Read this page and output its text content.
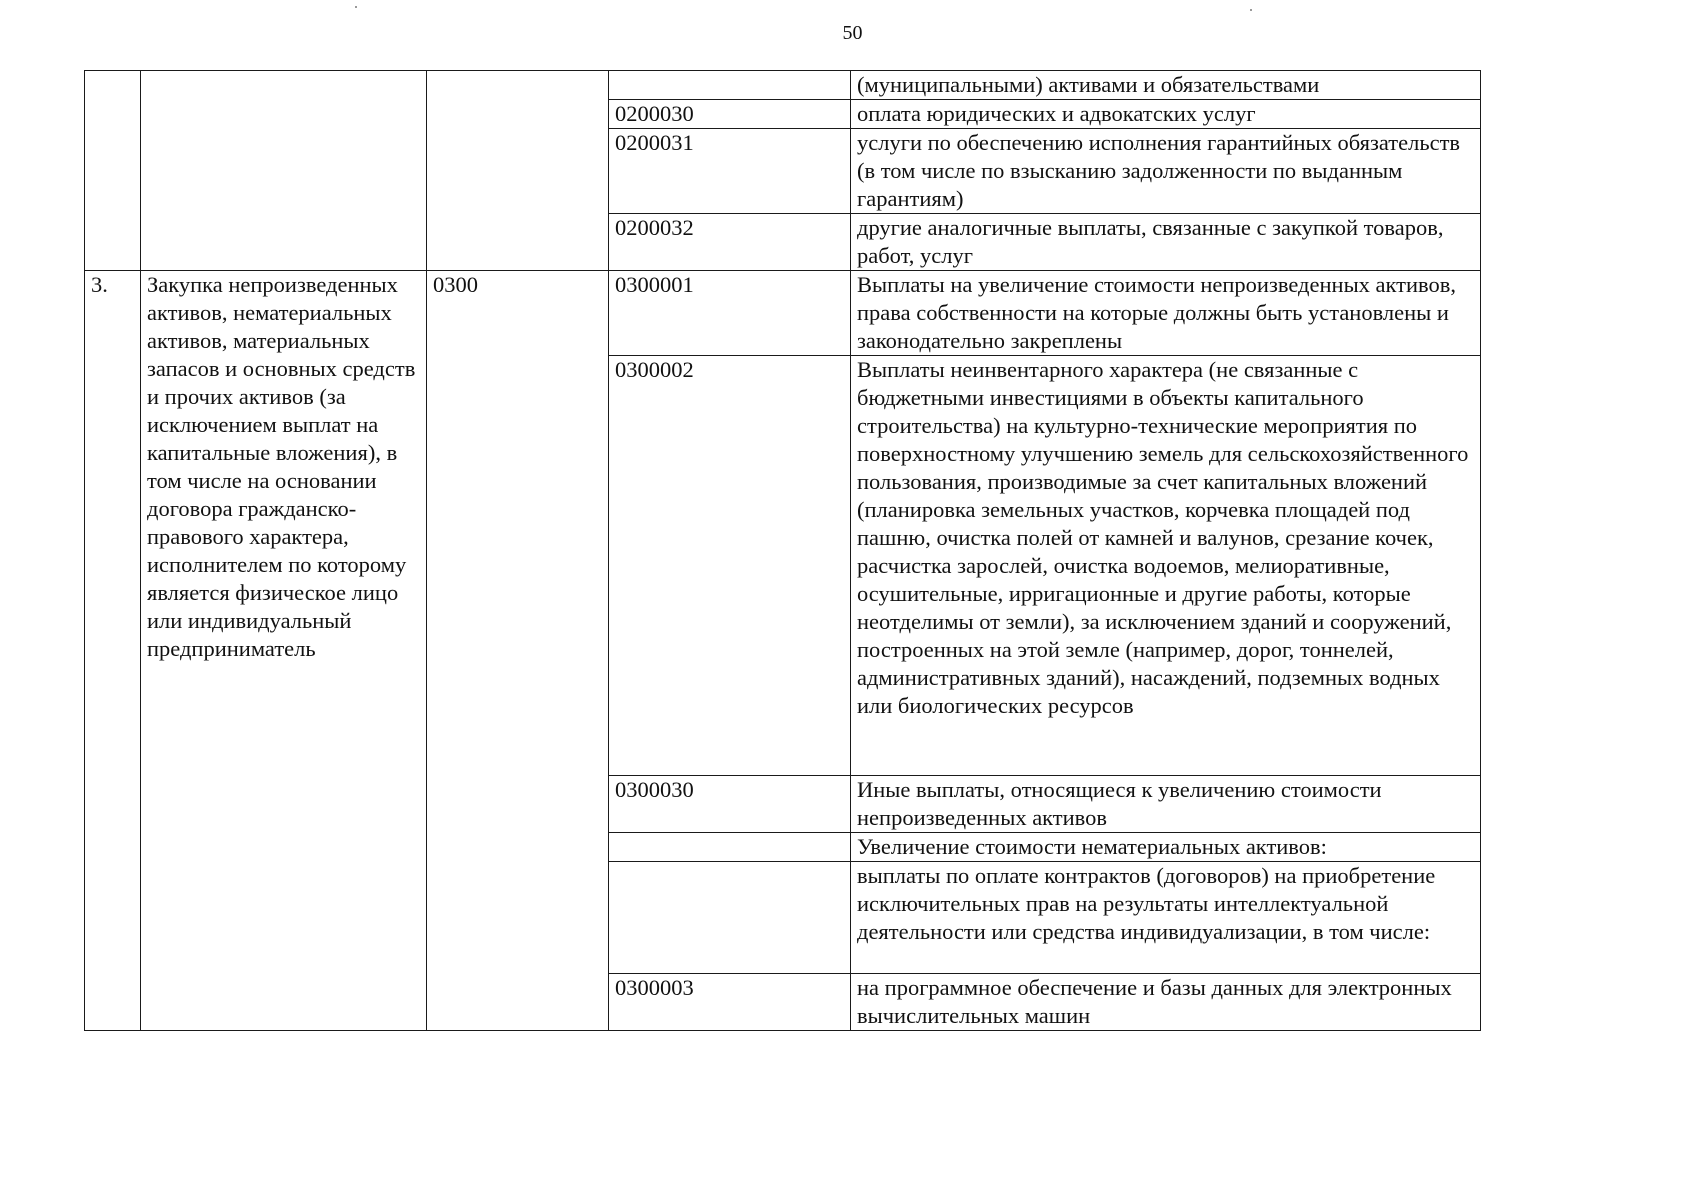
50
				(муниципальными) активами и обязательствами
			0200030	оплата юридических и адвокатских услуг
			0200031	услуги по обеспечению исполнения гарантийных обязательств (в том числе по взысканию задолженности по выданным гарантиям)
			0200032	другие аналогичные выплаты, связанные с закупкой товаров, работ, услуг
3.	Закупка непроизведенных активов, нематериальных активов, материальных запасов и основных средств и прочих активов (за исключением выплат на капитальные вложения), в том числе на основании договора гражданско-правового характера, исполнителем по которому является физическое лицо или индивидуальный предприниматель	0300	0300001	Выплаты на увеличение стоимости непроизведенных активов, права собственности на которые должны быть установлены и законодательно закреплены
			0300002	Выплаты неинвентарного характера (не связанные с бюджетными инвестициями в объекты капитального строительства) на культурно-технические мероприятия по поверхностному улучшению земель для сельскохозяйственного пользования, производимые за счет капитальных вложений (планировка земельных участков, корчевка площадей под пашню, очистка полей от камней и валунов, срезание кочек, расчистка зарослей, очистка водоемов, мелиоративные, осушительные, ирригационные и другие работы, которые неотделимы от земли), за исключением зданий и сооружений, построенных на этой земле (например, дорог, тоннелей, административных зданий), насаждений, подземных водных или биологических ресурсов
			0300030	Иные выплаты, относящиеся к увеличению стоимости непроизведенных активов
				Увеличение стоимости нематериальных активов:
				выплаты по оплате контрактов (договоров) на приобретение исключительных прав на результаты интеллектуальной деятельности или средства индивидуализации, в том числе:
			0300003	на программное обеспечение и базы данных для электронных вычислительных машин
